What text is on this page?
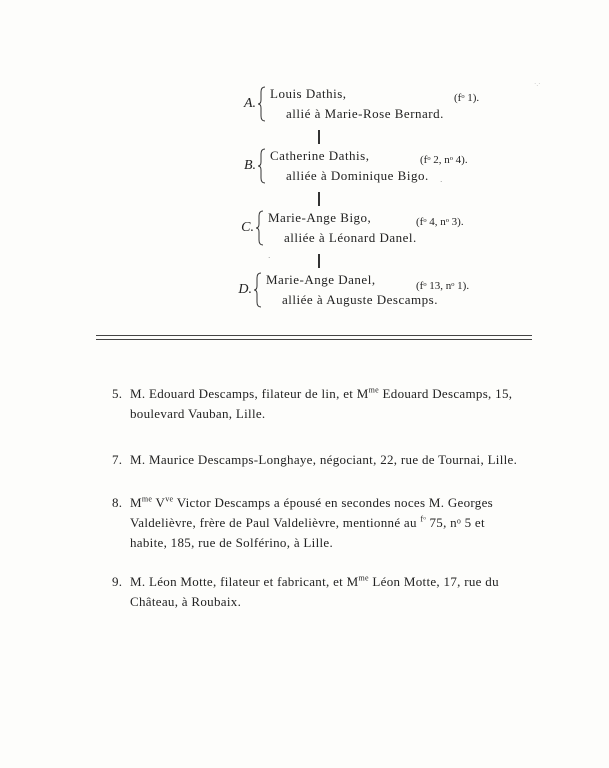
A.
Louis Dathis,
allié à Marie-Rose Bernard.
(fᵒ 1).
B.
Catherine Dathis,
alliée à Dominique Bigo.
(fᵒ 2, nᵒ 4).
C.
Marie-Ange Bigo,
alliée à Léonard Danel.
(fᵒ 4, nᵒ 3).
D.
Marie-Ange Danel,
alliée à Auguste Descamps.
(fᵒ 13, nᵒ 1).
5. M. Edouard Descamps, filateur de lin, et $M^{me}$ Edouard Descamps, 15,
boulevard Vauban, Lille.
7. M. Maurice Descamps-Longhaye, négociant, 22, rue de Tournai, Lille.
8. $M^{me}$ $V^{ve}$ Victor Descamps a épousé en secondes noces M. Georges
Valdelièvre, frère de Paul Valdelièvre, mentionné au $^{fᵒ}$ 75, nᵒ 5 et
habite, 185, rue de Solférino, à Lille.
9. M. Léon Motte, filateur et fabricant, et $M^{me}$ Léon Motte, 17, rue du
Château, à Roubaix.
·.·
·
·
